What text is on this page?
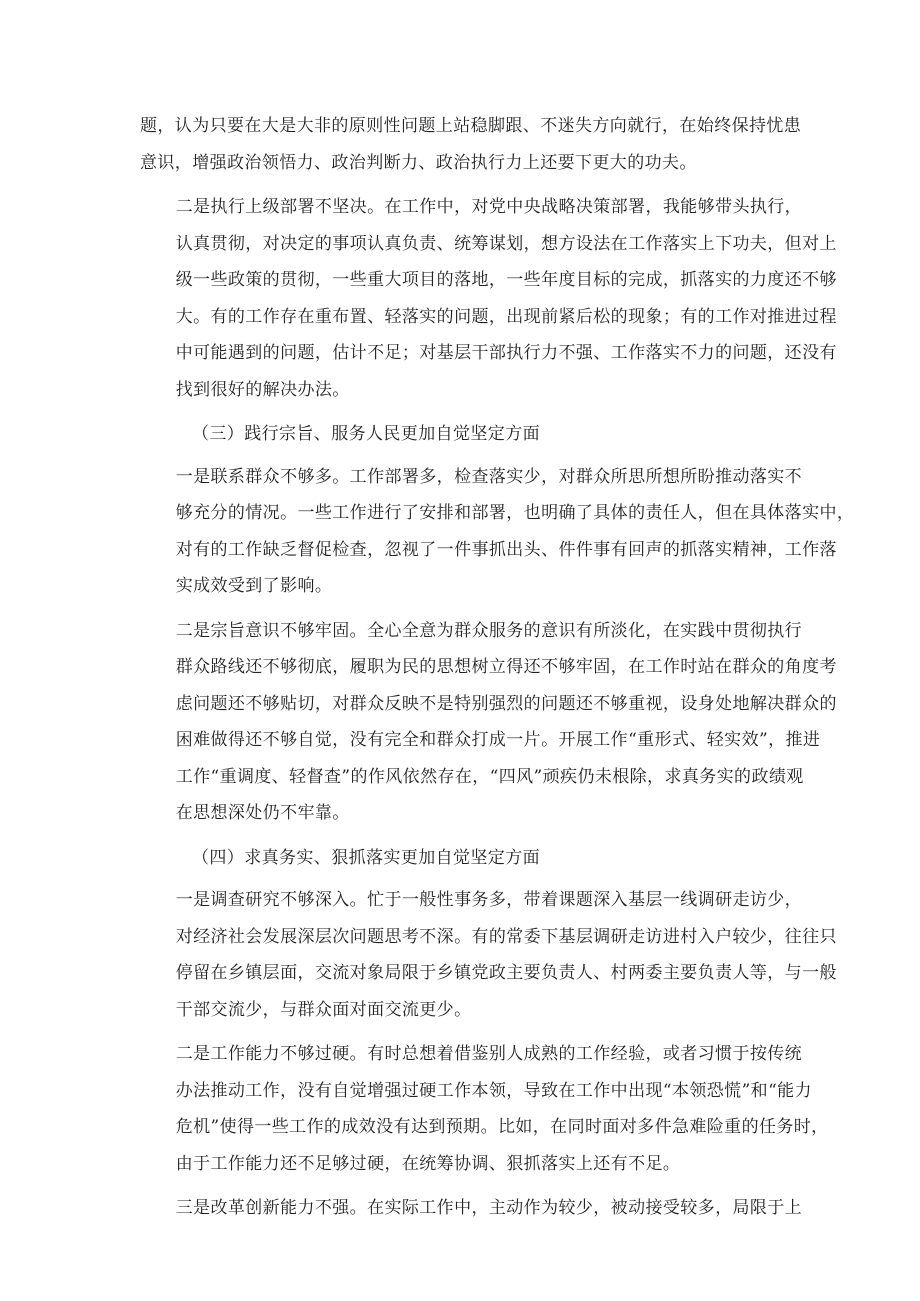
题，认为只要在大是大非的原则性问题上站稳脚跟、不迷失方向就行，在始终保持忧患
意识，增强政治领悟力、政治判断力、政治执行力上还要下更大的功夫。
二是执行上级部署不坚决。在工作中，对党中央战略决策部署，我能够带头执行，
认真贯彻，对决定的事项认真负责、统筹谋划，想方设法在工作落实上下功夫，但对上
级一些政策的贯彻，一些重大项目的落地，一些年度目标的完成，抓落实的力度还不够
大。有的工作存在重布置、轻落实的问题，出现前紧后松的现象；有的工作对推进过程
中可能遇到的问题，估计不足；对基层干部执行力不强、工作落实不力的问题，还没有
找到很好的解决办法。
（三）践行宗旨、服务人民更加自觉坚定方面
一是联系群众不够多。工作部署多，检查落实少，对群众所思所想所盼推动落实不
够充分的情况。一些工作进行了安排和部署，也明确了具体的责任人，但在具体落实中，
对有的工作缺乏督促检查，忽视了一件事抓出头、件件事有回声的抓落实精神，工作落
实成效受到了影响。
二是宗旨意识不够牢固。全心全意为群众服务的意识有所淡化，在实践中贯彻执行
群众路线还不够彻底，履职为民的思想树立得还不够牢固，在工作时站在群众的角度考
虑问题还不够贴切，对群众反映不是特别强烈的问题还不够重视，设身处地解决群众的
困难做得还不够自觉，没有完全和群众打成一片。开展工作“重形式、轻实效”，推进
工作“重调度、轻督查”的作风依然存在，“四风”顽疾仍未根除，求真务实的政绩观
在思想深处仍不牢靠。
（四）求真务实、狠抓落实更加自觉坚定方面
一是调查研究不够深入。忙于一般性事务多，带着课题深入基层一线调研走访少，
对经济社会发展深层次问题思考不深。有的常委下基层调研走访进村入户较少，往往只
停留在乡镇层面，交流对象局限于乡镇党政主要负责人、村两委主要负责人等，与一般
干部交流少，与群众面对面交流更少。
二是工作能力不够过硬。有时总想着借鉴别人成熟的工作经验，或者习惯于按传统
办法推动工作，没有自觉增强过硬工作本领，导致在工作中出现“本领恐慌”和“能力
危机”使得一些工作的成效没有达到预期。比如，在同时面对多件急难险重的任务时，
由于工作能力还不足够过硬，在统筹协调、狠抓落实上还有不足。
三是改革创新能力不强。在实际工作中，主动作为较少，被动接受较多，局限于上
